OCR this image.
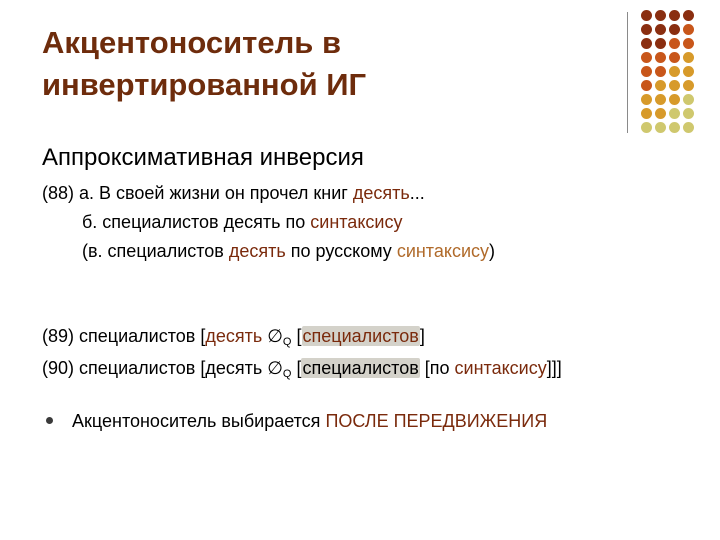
Акцентоноситель в
инвертированной ИГ
Аппроксимативная инверсия
(88) а. В своей жизни он прочел книг десять...
б. специалистов десять по синтаксису
(в. специалистов десять по русскому синтаксису)
(89) специалистов [десять $\emptyset_Q$ [специалистов]
(90) специалистов [десять $\emptyset_Q$ [специалистов [по синтаксису]]]
Акцентоноситель выбирается ПОСЛЕ ПЕРЕДВИЖЕНИЯ
